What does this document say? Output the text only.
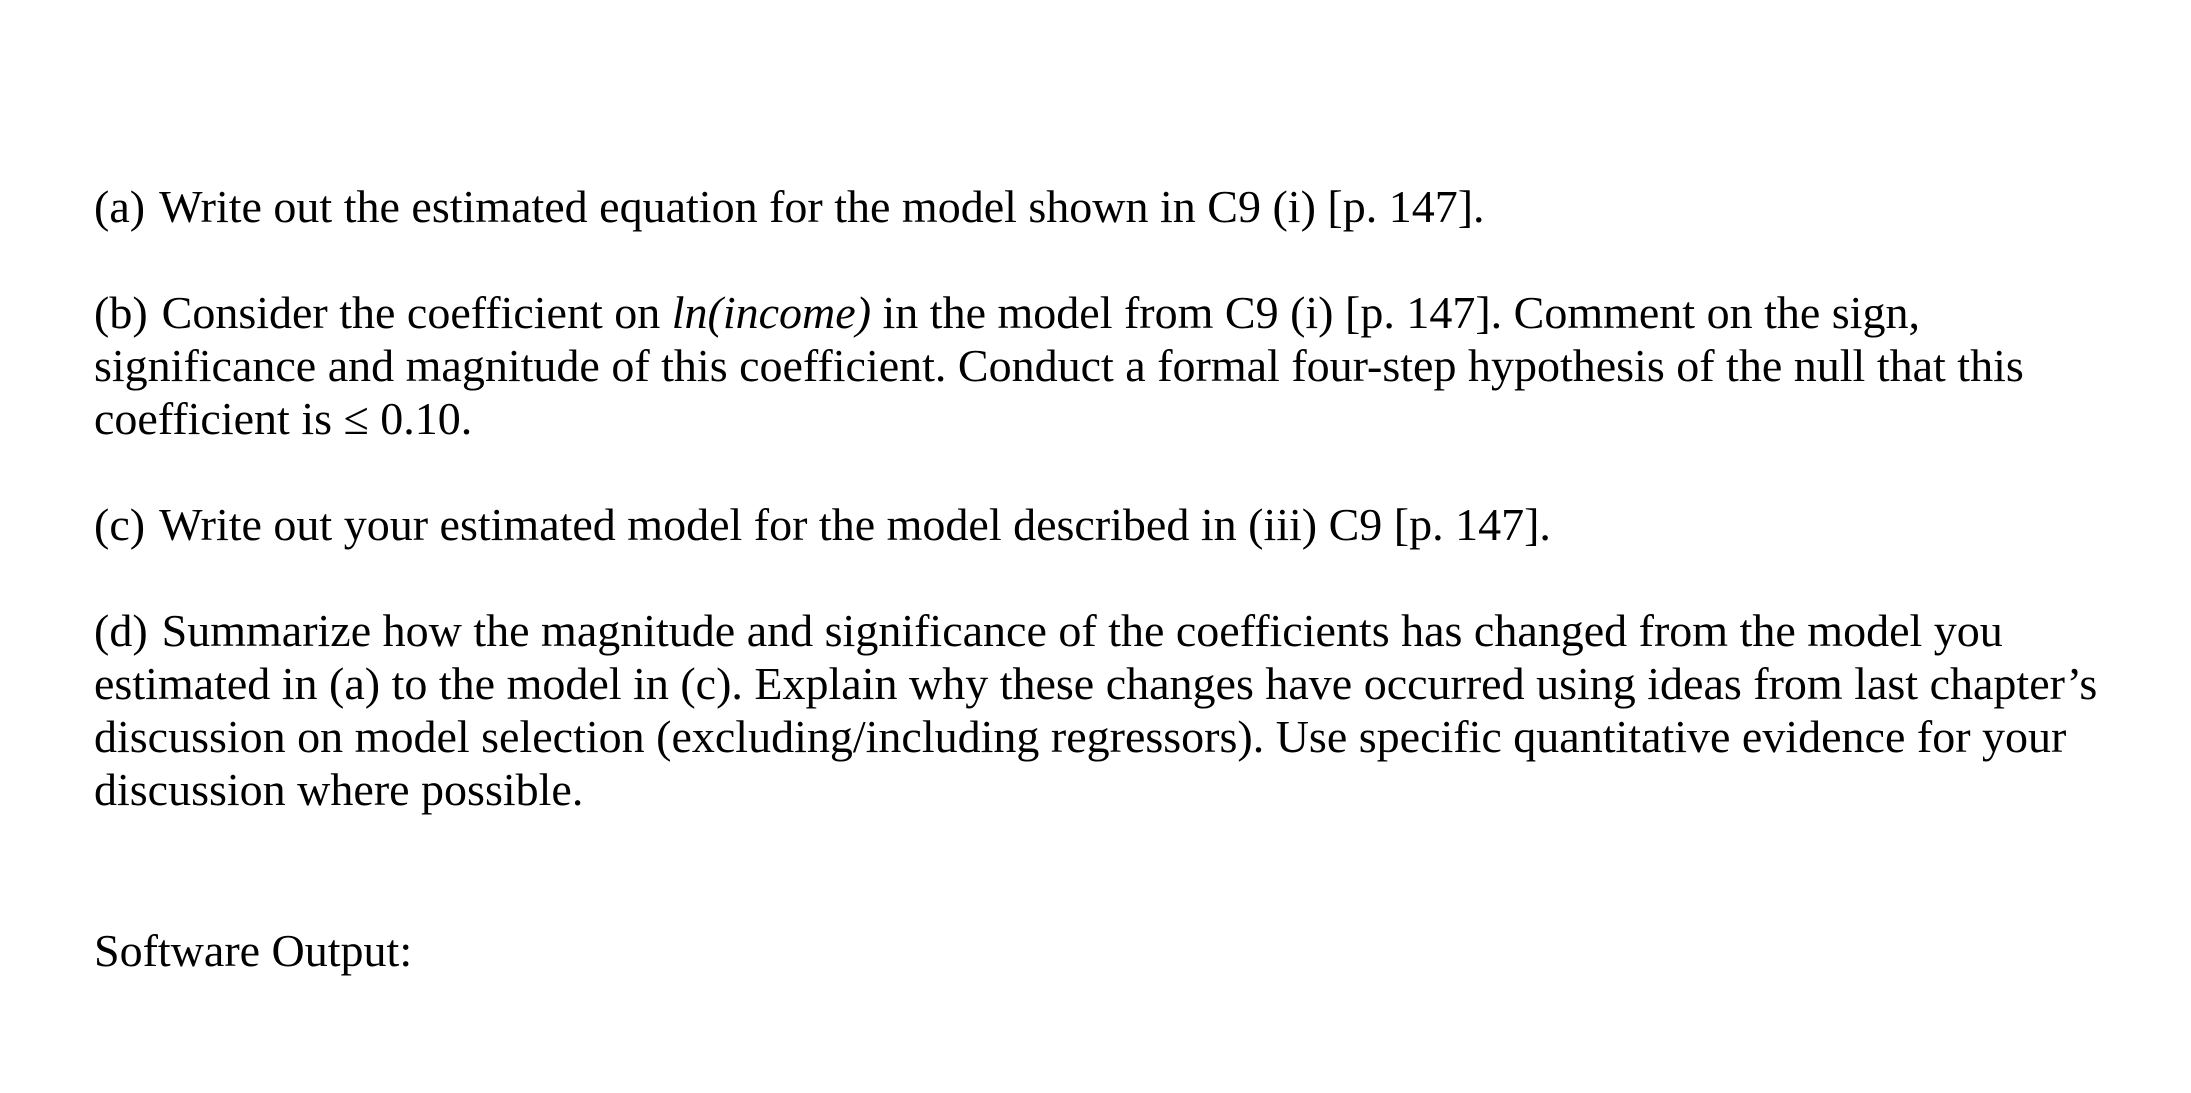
(a) Write out the estimated equation for the model shown in C9 (i) [p. 147].

(b) Consider the coefficient on ln(income) in the model from C9 (i) [p. 147]. Comment on the sign, significance and magnitude of this coefficient. Conduct a formal four-step hypothesis of the null that this coefficient is ≤ 0.10.

(c) Write out your estimated model for the model described in (iii) C9 [p. 147].

(d) Summarize how the magnitude and significance of the coefficients has changed from the model you estimated in (a) to the model in (c). Explain why these changes have occurred using ideas from last chapter’s discussion on model selection (excluding/including regressors). Use specific quantitative evidence for your discussion where possible.

Software Output:
